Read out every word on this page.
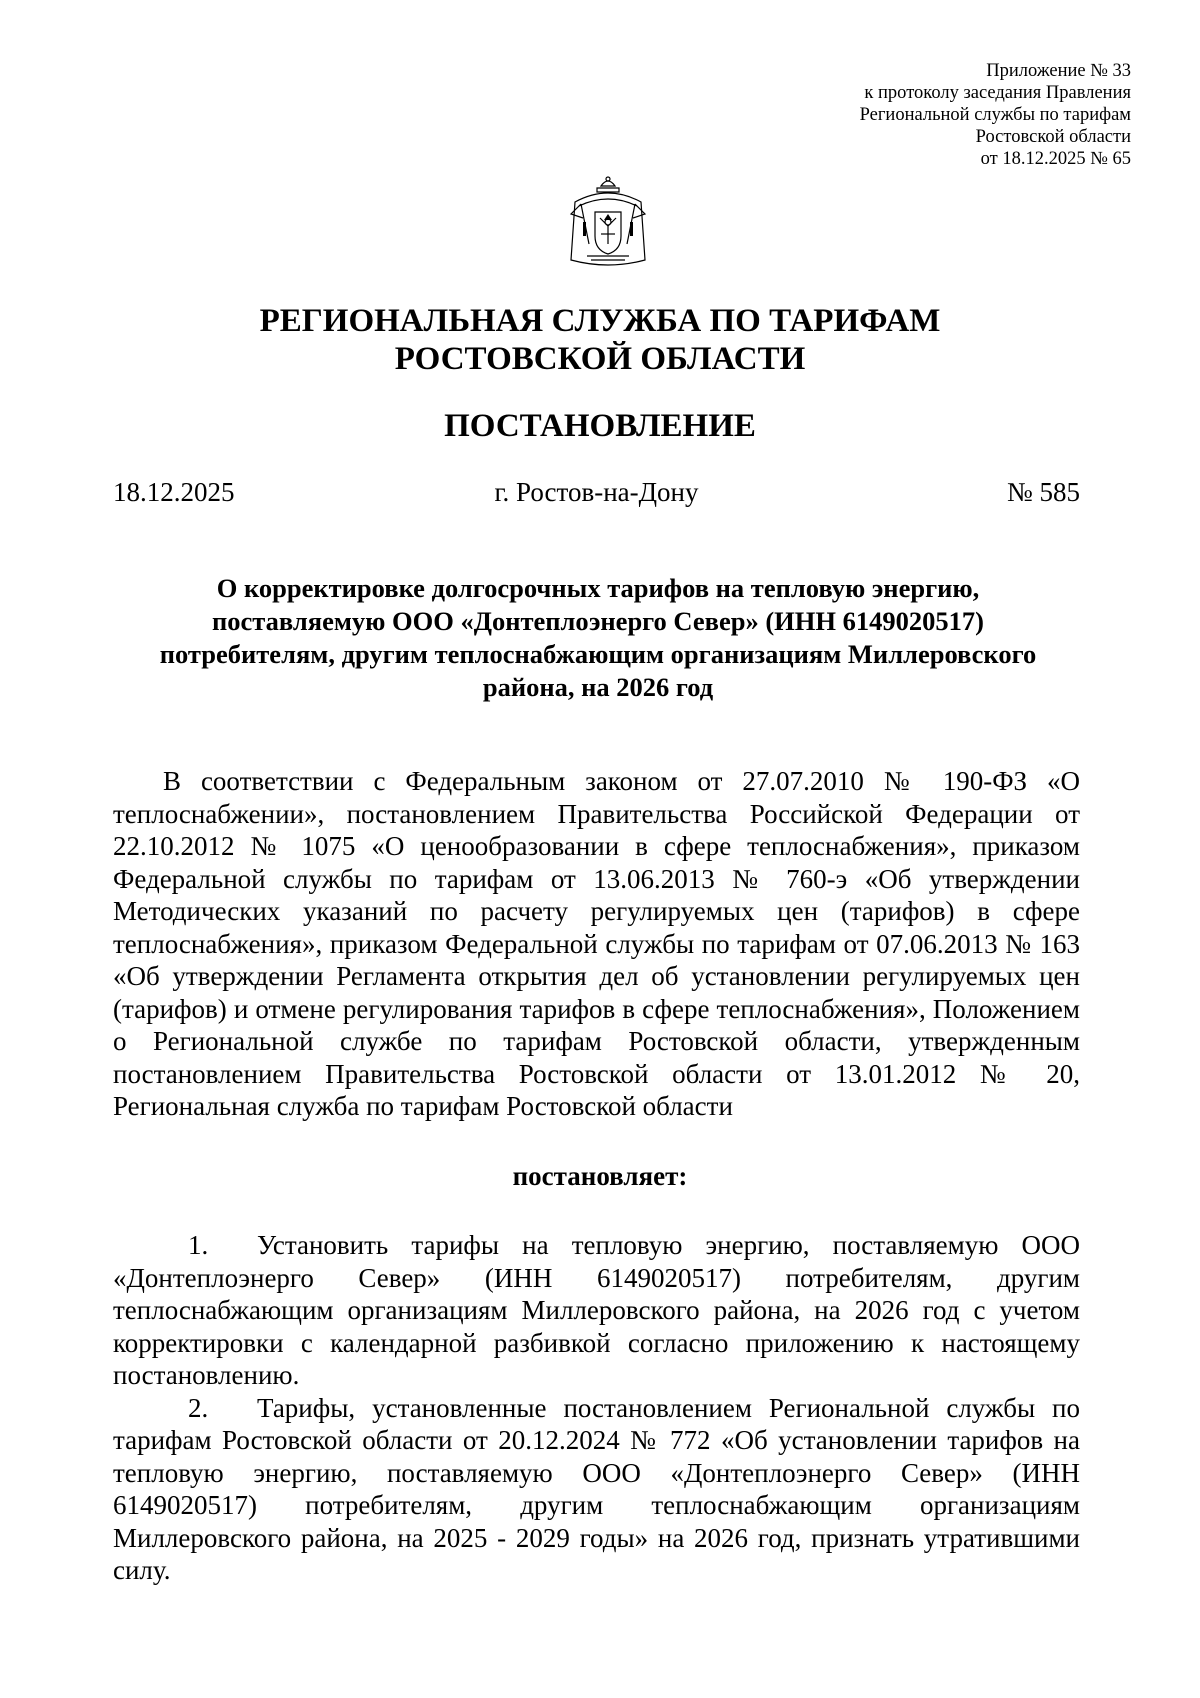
Приложение № 33
к протоколу заседания Правления
Региональной службы по тарифам
Ростовской области
от 18.12.2025 № 65
РЕГИОНАЛЬНАЯ СЛУЖБА ПО ТАРИФАМ
РОСТОВСКОЙ ОБЛАСТИ
ПОСТАНОВЛЕНИЕ
18.12.2025	г. Ростов-на-Дону	№ 585
О корректировке долгосрочных тарифов на тепловую энергию,
поставляемую ООО «Донтеплоэнерго Север» (ИНН 6149020517)
потребителям, другим теплоснабжающим организациям Миллеровского
района, на 2026 год
В соответствии с Федеральным законом от 27.07.2010 № 190-ФЗ «О теплоснабжении», постановлением Правительства Российской Федерации от 22.10.2012 № 1075 «О ценообразовании в сфере теплоснабжения», приказом Федеральной службы по тарифам от 13.06.2013 № 760-э «Об утверждении Методических указаний по расчету регулируемых цен (тарифов) в сфере теплоснабжения», приказом Федеральной службы по тарифам от 07.06.2013 № 163 «Об утверждении Регламента открытия дел об установлении регулируемых цен (тарифов) и отмене регулирования тарифов в сфере теплоснабжения», Положением о Региональной службе по тарифам Ростовской области, утвержденным постановлением Правительства Ростовской области от 13.01.2012 № 20, Региональная служба по тарифам Ростовской области
постановляет:

1. Установить тарифы на тепловую энергию, поставляемую ООО «Донтеплоэнерго Север» (ИНН 6149020517) потребителям, другим теплоснабжающим организациям Миллеровского района, на 2026 год с учетом корректировки с календарной разбивкой согласно приложению к настоящему постановлению.

2. Тарифы, установленные постановлением Региональной службы по тарифам Ростовской области от 20.12.2024 № 772 «Об установлении тарифов на тепловую энергию, поставляемую ООО «Донтеплоэнерго Север» (ИНН 6149020517) потребителям, другим теплоснабжающим организациям Миллеровского района, на 2025 - 2029 годы» на 2026 год, признать утратившими силу.
